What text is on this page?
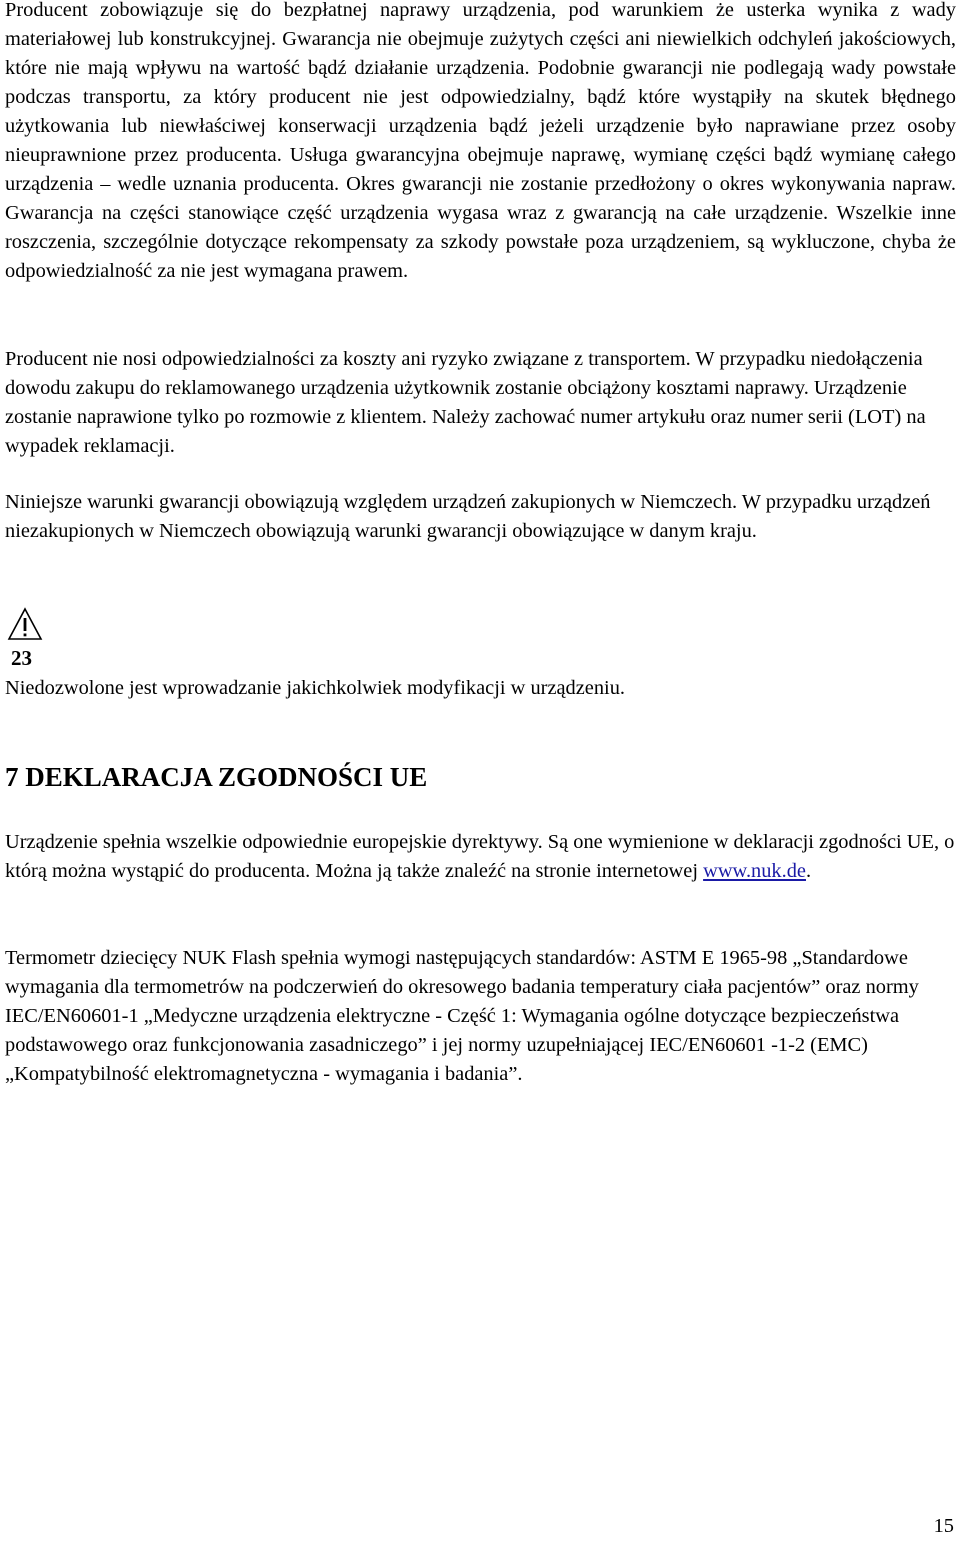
Producent zobowiązuje się do bezpłatnej naprawy urządzenia, pod warunkiem że usterka wynika z wady materiałowej lub konstrukcyjnej. Gwarancja nie obejmuje zużytych części ani niewielkich odchyleń jakościowych, które nie mają wpływu na wartość bądź działanie urządzenia. Podobnie gwarancji nie podlegają wady powstałe podczas transportu, za który producent nie jest odpowiedzialny, bądź które wystąpiły na skutek błędnego użytkowania lub niewłaściwej konserwacji urządzenia bądź jeżeli urządzenie było naprawiane przez osoby nieuprawnione przez producenta. Usługa gwarancyjna obejmuje naprawę, wymianę części bądź wymianę całego urządzenia – wedle uznania producenta. Okres gwarancji nie zostanie przedłożony o okres wykonywania napraw. Gwarancja na części stanowiące część urządzenia wygasa wraz z gwarancją na całe urządzenie. Wszelkie inne roszczenia, szczególnie dotyczące rekompensaty za szkody powstałe poza urządzeniem, są wykluczone, chyba że odpowiedzialność za nie jest wymagana prawem.

Producent nie nosi odpowiedzialności za koszty ani ryzyko związane z transportem. W przypadku niedołączenia dowodu zakupu do reklamowanego urządzenia użytkownik zostanie obciążony kosztami naprawy. Urządzenie zostanie naprawione tylko po rozmowie z klientem. Należy zachować numer artykułu oraz numer serii (LOT) na wypadek reklamacji.

Niniejsze warunki gwarancji obowiązują względem urządzeń zakupionych w Niemczech. W przypadku urządzeń niezakupionych w Niemczech obowiązują warunki gwarancji obowiązujące w danym kraju.

23

Niedozwolone jest wprowadzanie jakichkolwiek modyfikacji w urządzeniu.

7 DEKLARACJA ZGODNOŚCI UE

Urządzenie spełnia wszelkie odpowiednie europejskie dyrektywy. Są one wymienione w deklaracji zgodności UE, o którą można wystąpić do producenta. Można ją także znaleźć na stronie internetowej www.nuk.de.

Termometr dziecięcy NUK Flash spełnia wymogi następujących standardów: ASTM E 1965-98 „Standardowe wymagania dla termometrów na podczerwień do okresowego badania temperatury ciała pacjentów” oraz normy IEC/EN60601-1 „Medyczne urządzenia elektryczne - Część 1: Wymagania ogólne dotyczące bezpieczeństwa podstawowego oraz funkcjonowania zasadniczego” i jej normy uzupełniającej IEC/EN60601 -1-2 (EMC) „Kompatybilność elektromagnetyczna - wymagania i badania”.

15
